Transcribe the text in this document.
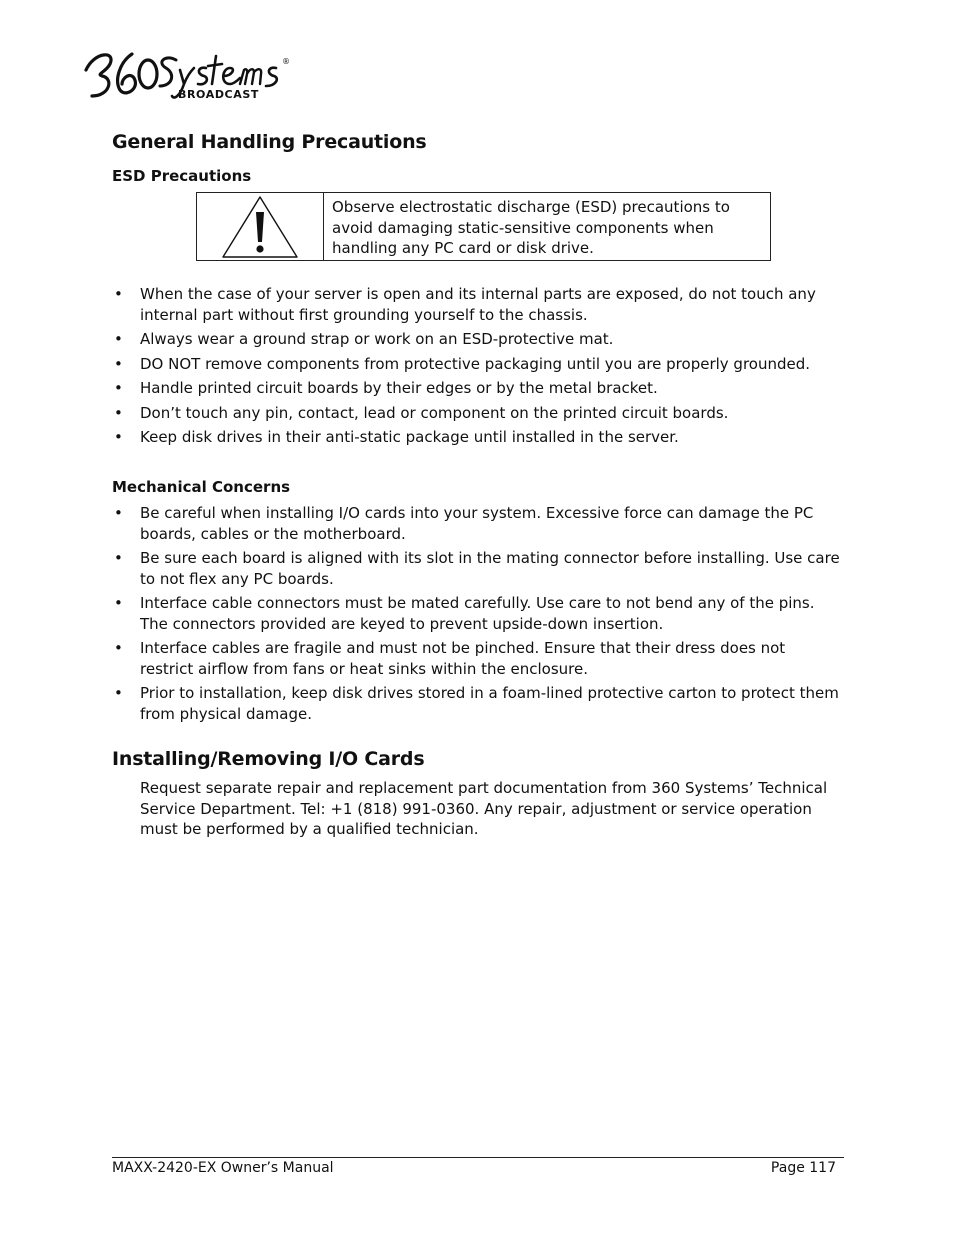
®
BROADCAST
General Handling Precautions
ESD Precautions
Observe electrostatic discharge (ESD) precautions to avoid damaging static-sensitive components when handling any PC card or disk drive.
• When the case of your server is open and its internal parts are exposed, do not touch any internal part without first grounding yourself to the chassis.
• Always wear a ground strap or work on an ESD-protective mat.
• DO NOT remove components from protective packaging until you are properly grounded.
• Handle printed circuit boards by their edges or by the metal bracket.
• Don’t touch any pin, contact, lead or component on the printed circuit boards.
• Keep disk drives in their anti-static package until installed in the server.
Mechanical Concerns
• Be careful when installing I/O cards into your system. Excessive force can damage the PC boards, cables or the motherboard.
• Be sure each board is aligned with its slot in the mating connector before installing. Use care to not flex any PC boards.
• Interface cable connectors must be mated carefully. Use care to not bend any of the pins. The connectors provided are keyed to prevent upside-down insertion.
• Interface cables are fragile and must not be pinched. Ensure that their dress does not restrict airflow from fans or heat sinks within the enclosure.
• Prior to installation, keep disk drives stored in a foam-lined protective carton to protect them from physical damage.
Installing/Removing I/O Cards

Request separate repair and replacement part documentation from 360 Systems’ Technical Service Department. Tel: +1 (818) 991-0360. Any repair, adjustment or service operation must be performed by a qualified technician.

MAXX-2420-EX Owner’s Manual	Page 117
